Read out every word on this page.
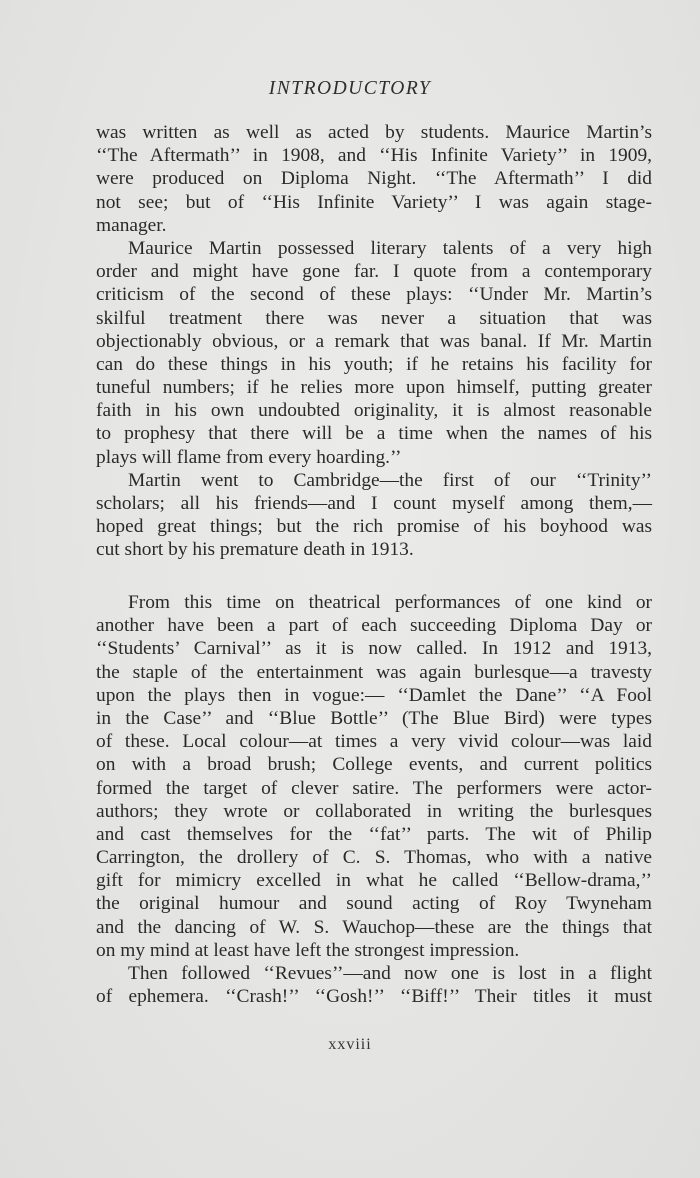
INTRODUCTORY
was written as well as acted by students. Maurice Martin’s
‘‘The Aftermath’’ in 1908, and ‘‘His Infinite Variety’’ in 1909,
were produced on Diploma Night. ‘‘The Aftermath’’ I did
not see; but of ‘‘His Infinite Variety’’ I was again stage-
manager.
Maurice Martin possessed literary talents of a very high
order and might have gone far. I quote from a contemporary
criticism of the second of these plays: ‘‘Under Mr. Martin’s
skilful treatment there was never a situation that was
objectionably obvious, or a remark that was banal. If Mr. Martin
can do these things in his youth; if he retains his facility for
tuneful numbers; if he relies more upon himself, putting greater
faith in his own undoubted originality, it is almost reasonable
to prophesy that there will be a time when the names of his
plays will flame from every hoarding.’’
Martin went to Cambridge—the first of our ‘‘Trinity’’
scholars; all his friends—and I count myself among them,—
hoped great things; but the rich promise of his boyhood was
cut short by his premature death in 1913.
From this time on theatrical performances of one kind or
another have been a part of each succeeding Diploma Day or
‘‘Students’ Carnival’’ as it is now called. In 1912 and 1913,
the staple of the entertainment was again burlesque—a travesty
upon the plays then in vogue:— ‘‘Damlet the Dane’’ ‘‘A Fool
in the Case’’ and ‘‘Blue Bottle’’ (The Blue Bird) were types
of these. Local colour—at times a very vivid colour—was laid
on with a broad brush; College events, and current politics
formed the target of clever satire. The performers were actor-
authors; they wrote or collaborated in writing the burlesques
and cast themselves for the ‘‘fat’’ parts. The wit of Philip
Carrington, the drollery of C. S. Thomas, who with a native
gift for mimicry excelled in what he called ‘‘Bellow-drama,’’
the original humour and sound acting of Roy Twyneham
and the dancing of W. S. Wauchop—these are the things that
on my mind at least have left the strongest impression.
Then followed ‘‘Revues’’—and now one is lost in a flight
of ephemera. ‘‘Crash!’’ ‘‘Gosh!’’ ‘‘Biff!’’ Their titles it must
xxviii
